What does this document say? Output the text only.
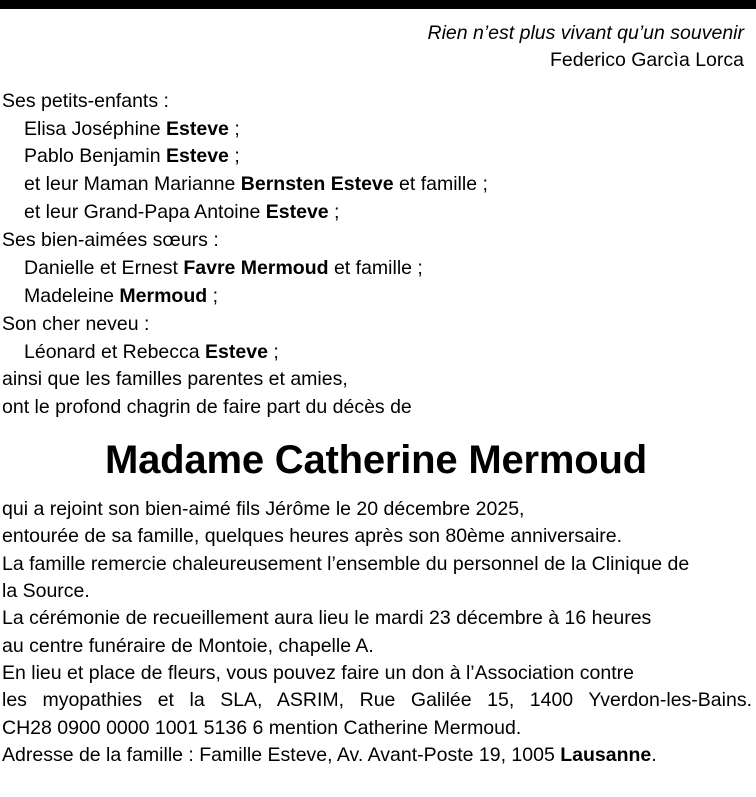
Rien n’est plus vivant qu’un souvenir
Federico Garcìa Lorca
Ses petits-enfants :
Elisa Joséphine Esteve ;
Pablo Benjamin Esteve ;
et leur Maman Marianne Bernsten Esteve et famille ;
et leur Grand-Papa Antoine Esteve ;
Ses bien-aimées sœurs :
Danielle et Ernest Favre Mermoud et famille ;
Madeleine Mermoud ;
Son cher neveu :
Léonard et Rebecca Esteve ;
ainsi que les familles parentes et amies,
ont le profond chagrin de faire part du décès de
Madame Catherine Mermoud
qui a rejoint son bien-aimé fils Jérôme le 20 décembre 2025,
entourée de sa famille, quelques heures après son 80ème anniversaire.
La famille remercie chaleureusement l’ensemble du personnel de la Clinique de
la Source.
La cérémonie de recueillement aura lieu le mardi 23 décembre à 16 heures
au centre funéraire de Montoie, chapelle A.
En lieu et place de fleurs, vous pouvez faire un don à l’Association contre
les myopathies et la SLA, ASRIM, Rue Galilée 15, 1400 Yverdon-les-Bains.
CH28 0900 0000 1001 5136 6 mention Catherine Mermoud.
Adresse de la famille : Famille Esteve, Av. Avant-Poste 19, 1005 Lausanne.
